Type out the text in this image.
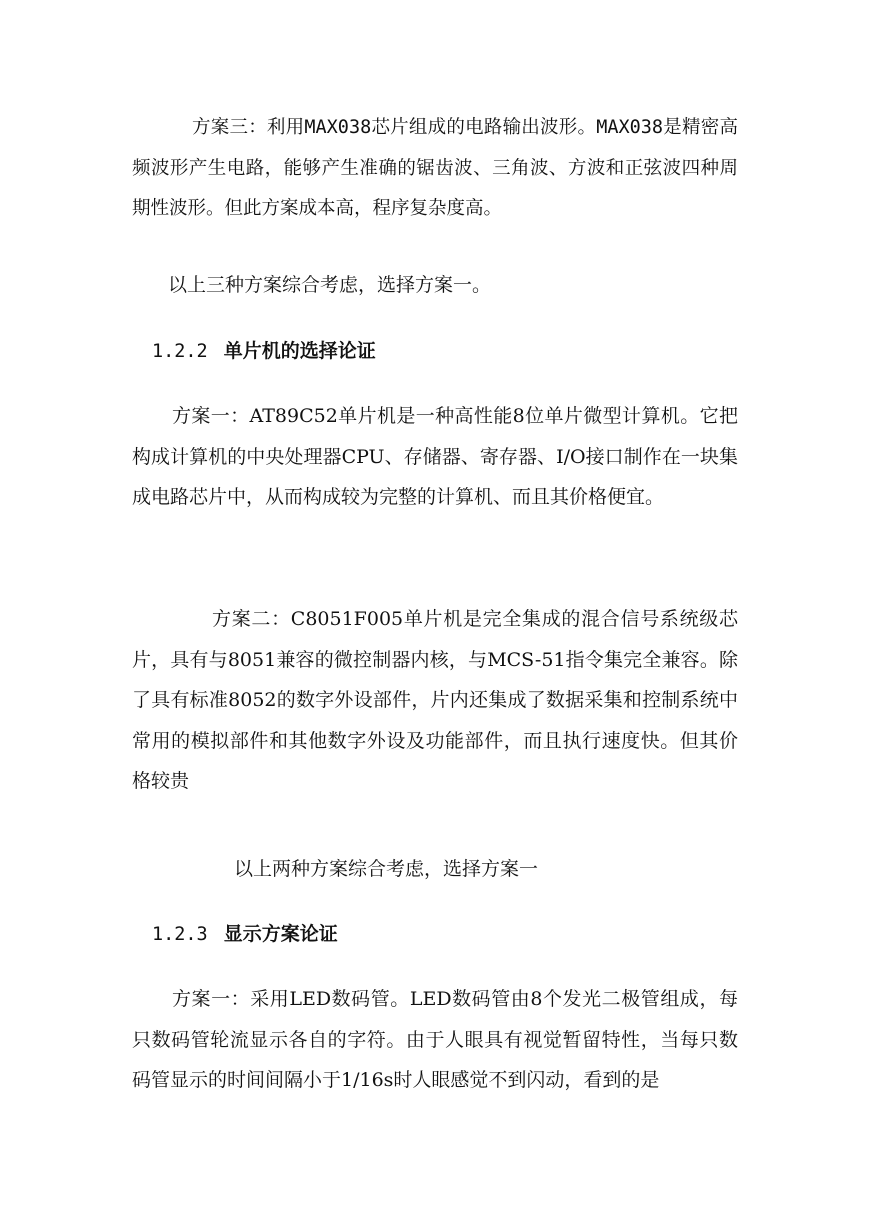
方案三：利用MAX038芯片组成的电路输出波形。MAX038是精密高频波形产生电路，能够产生准确的锯齿波、三角波、方波和正弦波四种周期性波形。但此方案成本高，程序复杂度高。

以上三种方案综合考虑，选择方案一。

1.2.2 单片机的选择论证

方案一：AT89C52单片机是一种高性能8位单片微型计算机。它把构成计算机的中央处理器CPU、存储器、寄存器、I/O接口制作在一块集成电路芯片中，从而构成较为完整的计算机、而且其价格便宜。

方案二：C8051F005单片机是完全集成的混合信号系统级芯片，具有与8051兼容的微控制器内核，与MCS-51指令集完全兼容。除了具有标准8052的数字外设部件，片内还集成了数据采集和控制系统中常用的模拟部件和其他数字外设及功能部件，而且执行速度快。但其价格较贵

以上两种方案综合考虑，选择方案一

1.2.3 显示方案论证

方案一：采用LED数码管。LED数码管由8个发光二极管组成，每只数码管轮流显示各自的字符。由于人眼具有视觉暂留特性，当每只数码管显示的时间间隔小于1/16s时人眼感觉不到闪动，看到的是
